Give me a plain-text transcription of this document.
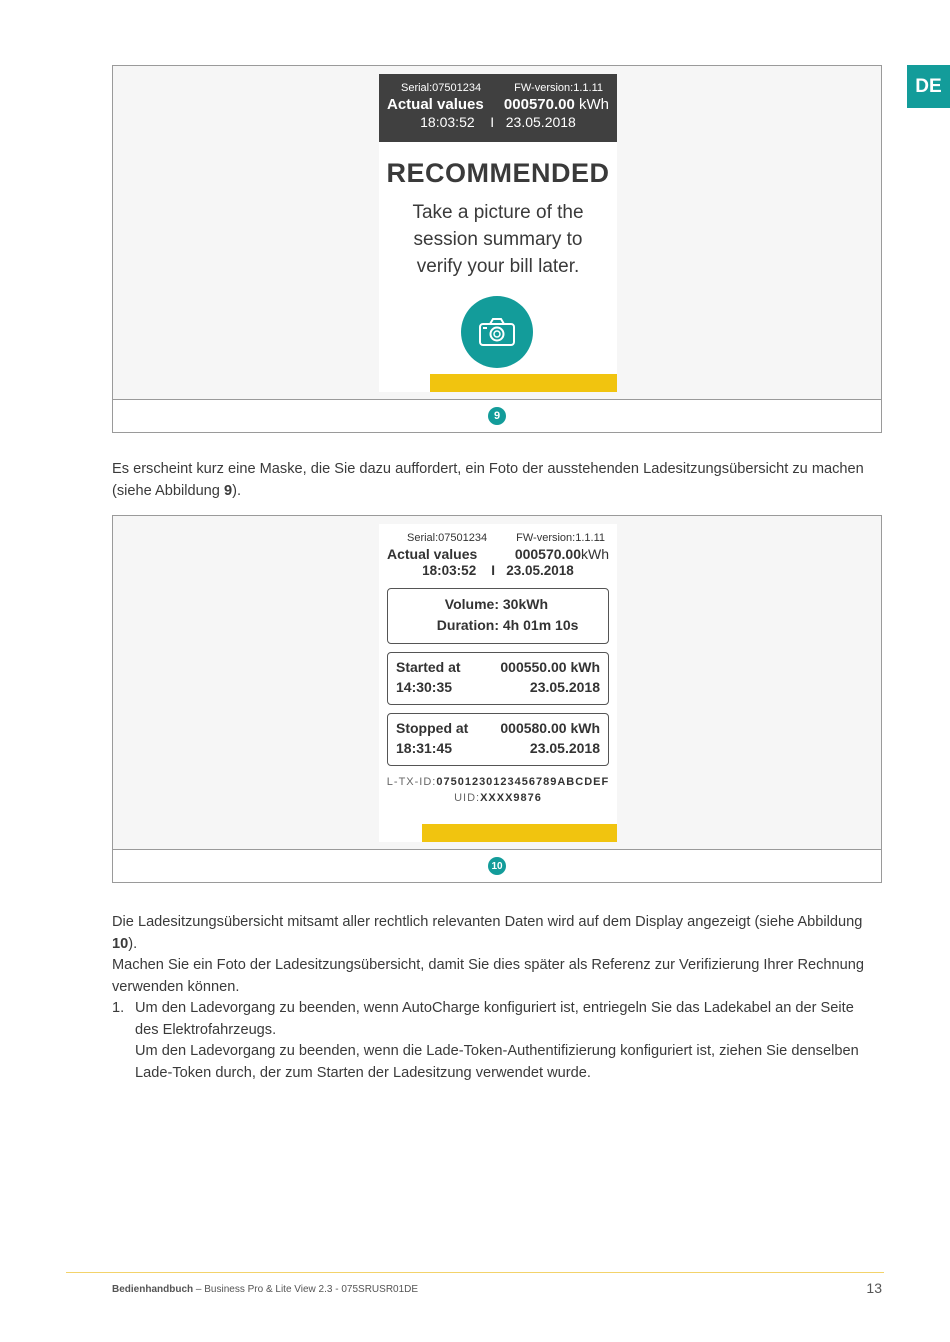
DE
Serial:07501234	FW-version:1.1.11
Actual values 000570.00 kWh
18:03:52 I 23.05.2018
RECOMMENDED
Take a picture of the
session summary to
verify your bill later.
9

Es erscheint kurz eine Maske, die Sie dazu auffordert, ein Foto der ausstehenden Ladesitzungsübersicht zu machen (siehe Abbildung 9).

Serial:07501234	FW-version:1.1.11
Actual values	000570.00kWh
18:03:52 I 23.05.2018
Volume:
30kWh
Duration:
4h 01m 10s
Started at	000550.00 kWh
14:30:35	23.05.2018
Stopped at 000580.00 kWh
18:31:45	23.05.2018
L-TX-ID:07501230123456789ABCDEF
UID:XXXX9876
10

Die Ladesitzungsübersicht mitsamt aller rechtlich relevanten Daten wird auf dem Display angezeigt (siehe Abbildung 10).

Machen Sie ein Foto der Ladesitzungsübersicht, damit Sie dies später als Referenz zur Verifizierung Ihrer Rechnung verwenden können.

1. Um den Ladevorgang zu beenden, wenn AutoCharge konfiguriert ist, entriegeln Sie das Ladekabel an der Seite des Elektrofahrzeugs.

Um den Ladevorgang zu beenden, wenn die Lade-Token-Authentifizierung konfiguriert ist, ziehen Sie denselben Lade-Token durch, der zum Starten der Ladesitzung verwendet wurde.

Bedienhandbuch – Business Pro & Lite View 2.3 - 075SRUSR01DE	13
